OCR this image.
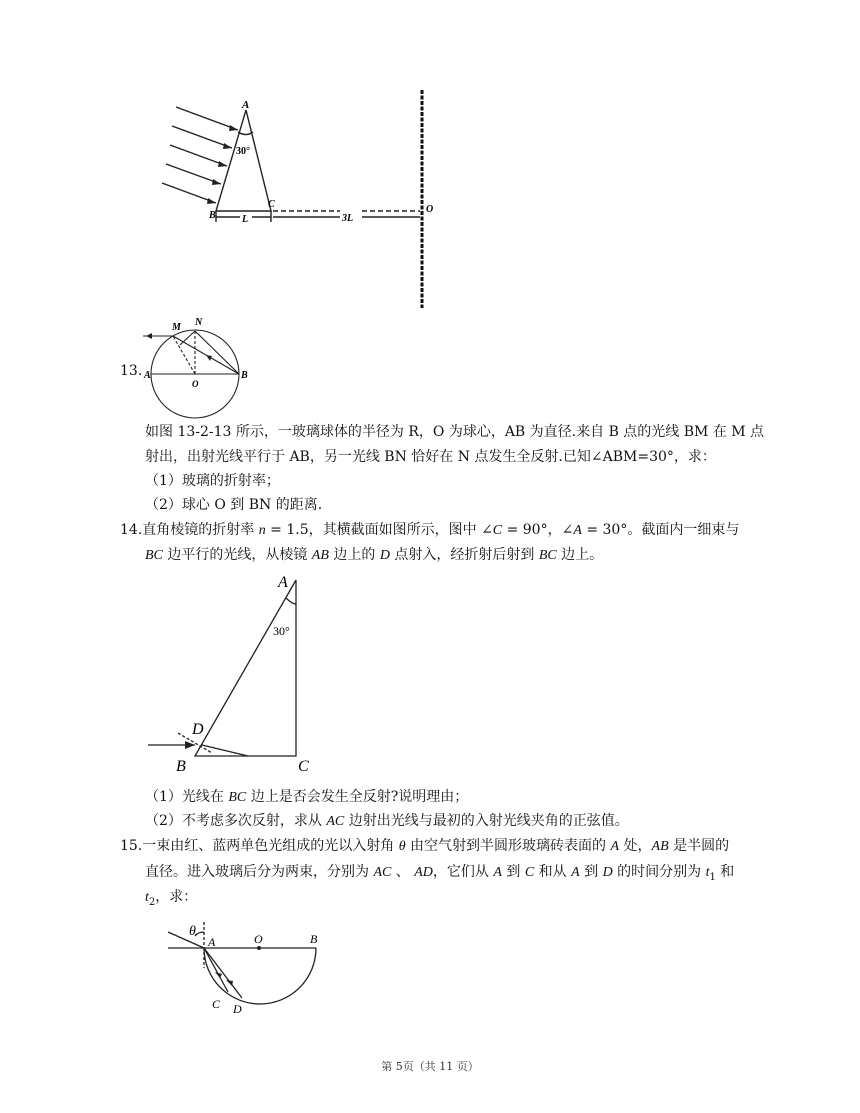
A
30°
B
C
L	3L
O
13.
M N
A	B
O
如图 13-2-13 所示，一玻璃球体的半径为 R，O 为球心，AB 为直径.来自 B 点的光线 BM 在 M 点
射出，出射光线平行于 AB，另一光线 BN 恰好在 N 点发生全反射.已知∠ABM=30°，求：
（1）玻璃的折射率；
（2）球心 O 到 BN 的距离.
14.直角棱镜的折射率 n = 1.5，其横截面如图所示，图中 ∠C = 90°，∠A = 30°。截面内一细束与
BC 边平行的光线，从棱镜 AB 边上的 D 点射入，经折射后射到 BC 边上。
A
30°
D
B	C
（1）光线在 BC 边上是否会发生全反射?说明理由；
（2）不考虑多次反射，求从 AC 边射出光线与最初的入射光线夹角的正弦值。
15.一束由红、蓝两单色光组成的光以入射角 θ 由空气射到半圆形玻璃砖表面的 A 处，AB 是半圆的
直径。进入玻璃后分为两束，分别为 AC 、 AD，它们从 A 到 C 和从 A 到 D 的时间分别为 $t_1$ 和
$t_2$，求：
θ
A	O	B
C D
第 5页（共 11 页）
